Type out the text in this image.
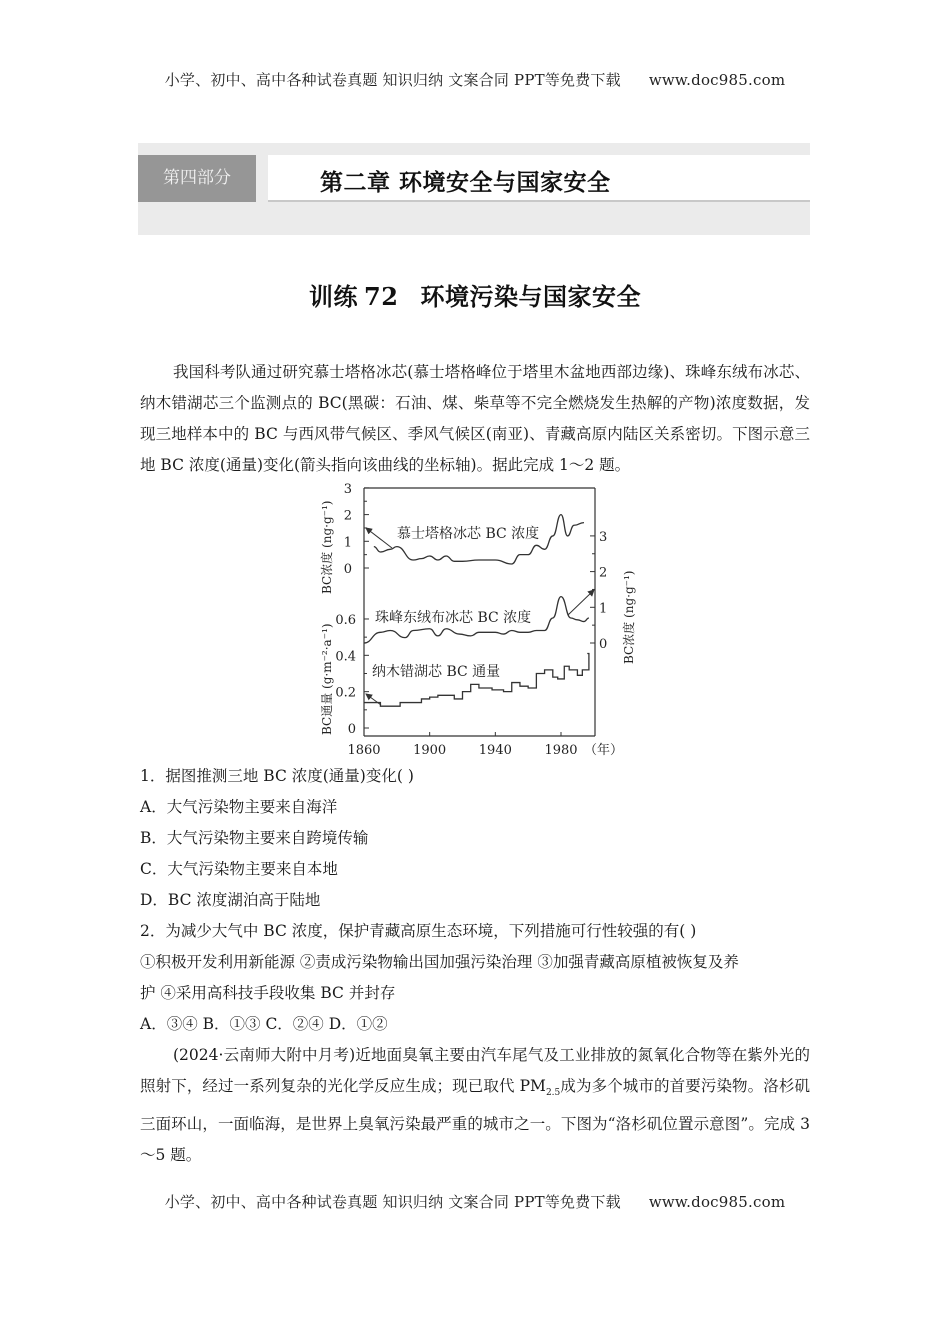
小学、初中、高中各种试卷真题 知识归纳 文案合同 PPT等免费下载 www.doc985.com
第四部分	第二章 环境安全与国家安全
训练 72 环境污染与国家安全
我国科考队通过研究慕士塔格冰芯(慕士塔格峰位于塔里木盆地西部边缘)、珠峰东绒布冰芯、纳木错湖芯三个监测点的 BC(黑碳：石油、煤、柴草等不完全燃烧发生热解的产物)浓度数据，发现三地样本中的 BC 与西风带气候区、季风气候区(南亚)、青藏高原内陆区关系密切。下图示意三地 BC 浓度(通量)变化(箭头指向该曲线的坐标轴)。据此完成 1～2 题。
3
2
1
0
0.6
0.4
0.2
0
3
2
1
0
1860	1900	1940	1980 （年）
BC浓度 (ng·g⁻¹)
BC通量 (g·m⁻²·a⁻¹)
BC浓度 (ng·g⁻¹)
慕士塔格冰芯 BC 浓度
珠峰东绒布冰芯 BC 浓度
纳木错湖芯 BC 通量
1．据图推测三地 BC 浓度(通量)变化( )
A．大气污染物主要来自海洋
B．大气污染物主要来自跨境传输
C．大气污染物主要来自本地
D．BC 浓度湖泊高于陆地
2．为减少大气中 BC 浓度，保护青藏高原生态环境，下列措施可行性较强的有( )
①积极开发利用新能源 ②责成污染物输出国加强污染治理 ③加强青藏高原植被恢复及养
护 ④采用高科技手段收集 BC 并封存
A．③④ B．①③ C．②④ D．①②
(2024·云南师大附中月考)近地面臭氧主要由汽车尾气及工业排放的氮氧化合物等在紫外光的照射下，经过一系列复杂的光化学反应生成；现已取代 $PM_{2.5}$成为多个城市的首要污染物。洛杉矶三面环山，一面临海，是世界上臭氧污染最严重的城市之一。下图为“洛杉矶位置示意图”。完成 3～5 题。
小学、初中、高中各种试卷真题 知识归纳 文案合同 PPT等免费下载 www.doc985.com
